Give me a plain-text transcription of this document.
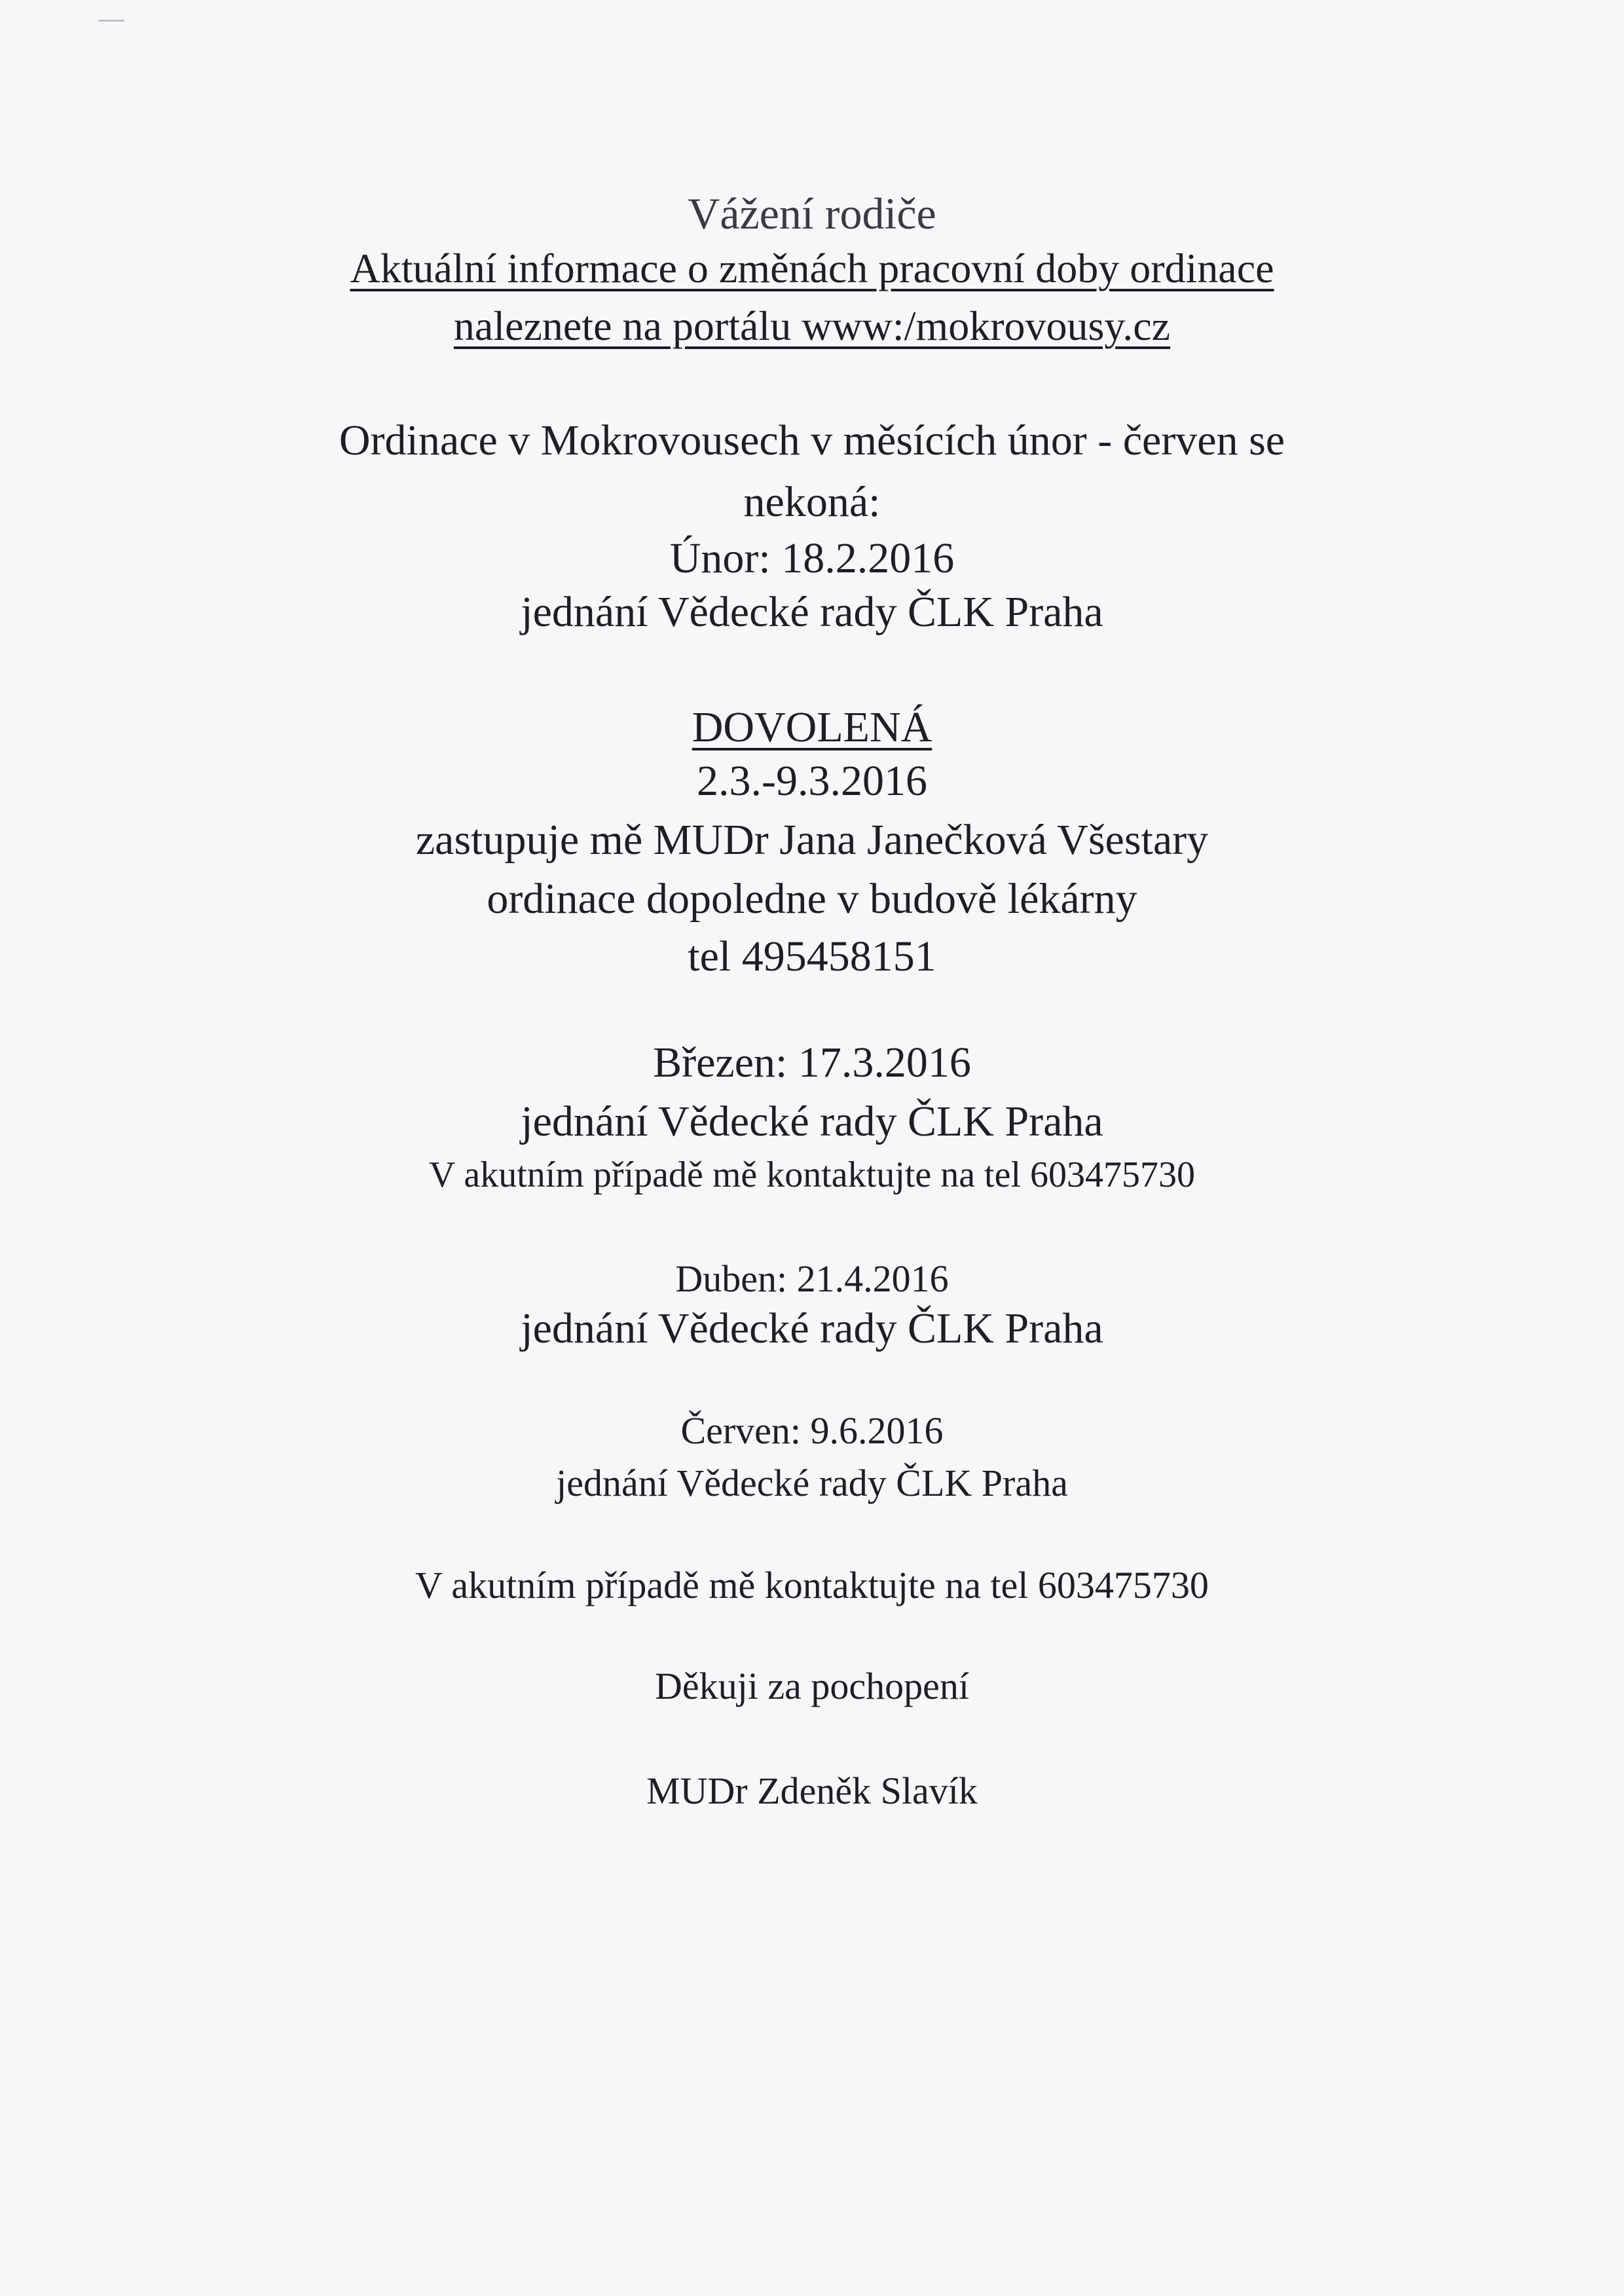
Vážení rodiče
Aktuální informace o změnách pracovní doby ordinace
naleznete na portálu www:/mokrovousy.cz
Ordinace v Mokrovousech v měsících únor - červen se
nekoná:
Únor: 18.2.2016
jednání Vědecké rady ČLK Praha
DOVOLENÁ
2.3.-9.3.2016
zastupuje mě MUDr Jana Janečková Všestary
ordinace dopoledne v budově lékárny
tel 495458151
Březen: 17.3.2016
jednání Vědecké rady ČLK Praha
V akutním případě mě kontaktujte na tel 603475730
Duben: 21.4.2016
jednání Vědecké rady ČLK Praha
Červen: 9.6.2016
jednání Vědecké rady ČLK Praha
V akutním případě mě kontaktujte na tel 603475730
Děkuji za pochopení
MUDr Zdeněk Slavík
